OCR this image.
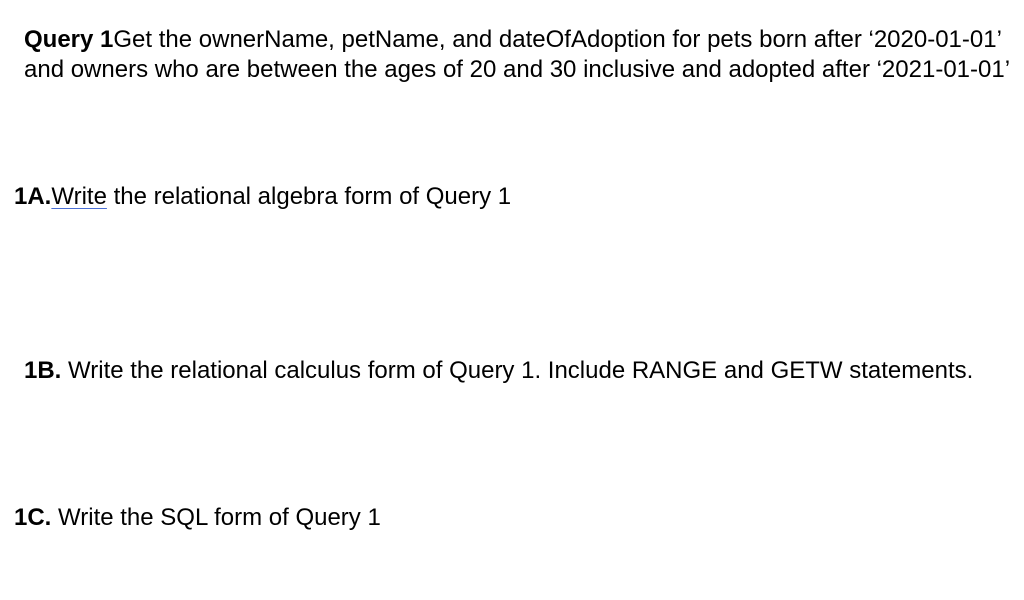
Query 1Get the ownerName, petName, and dateOfAdoption for pets born after ‘2020-01-01’ and owners who are between the ages of 20 and 30 inclusive and adopted after ‘2021-01-01’

1A.Write the relational algebra form of Query 1

1B. Write the relational calculus form of Query 1. Include RANGE and GETW statements.

1C. Write the SQL form of Query 1
